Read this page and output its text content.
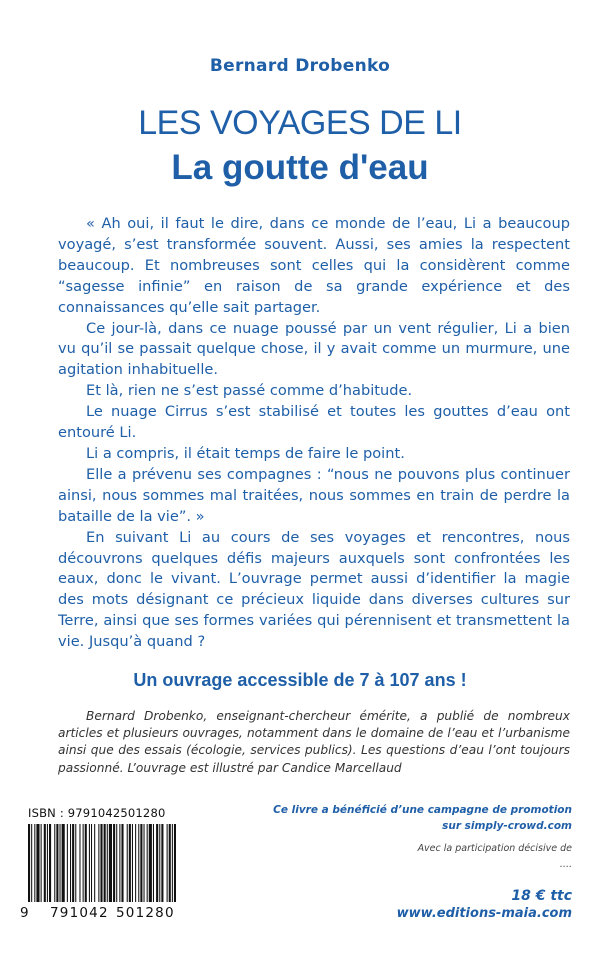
Bernard Drobenko
LES VOYAGES DE LI
La goutte d'eau

« Ah oui, il faut le dire, dans ce monde de l’eau, Li a beaucoup voyagé, s’est transformée souvent. Aussi, ses amies la respectent beaucoup. Et nombreuses sont celles qui la considèrent comme “sagesse infinie” en raison de sa grande expérience et des connaissances qu’elle sait partager.

Ce jour-là, dans ce nuage poussé par un vent régulier, Li a bien vu qu’il se passait quelque chose, il y avait comme un murmure, une agitation inhabituelle.

Et là, rien ne s’est passé comme d’habitude.

Le nuage Cirrus s’est stabilisé et toutes les gouttes d’eau ont entouré Li.

Li a compris, il était temps de faire le point.

Elle a prévenu ses compagnes : “nous ne pouvons plus continuer ainsi, nous sommes mal traitées, nous sommes en train de perdre la bataille de la vie”. »

En suivant Li au cours de ses voyages et rencontres, nous découvrons quelques défis majeurs auxquels sont confrontées les eaux, donc le vivant. L’ouvrage permet aussi d’identifier la magie des mots désignant ce précieux liquide dans diverses cultures sur Terre, ainsi que ses formes variées qui pérennisent et transmettent la vie. Jusqu’à quand ?

Un ouvrage accessible de 7 à 107 ans !

Bernard Drobenko, enseignant-chercheur émérite, a publié de nombreux articles et plusieurs ouvrages, notamment dans le domaine de l’eau et l’urbanisme ainsi que des essais (écologie, services publics). Les questions d’eau l’ont toujours passionné. L’ouvrage est illustré par Candice Marcellaud

ISBN : 9791042501280
9 791042 501280
Ce livre a bénéficié d’une campagne de promotion
sur simply-crowd.com
Avec la participation décisive de
....
18 € ttc
www.editions-maia.com
